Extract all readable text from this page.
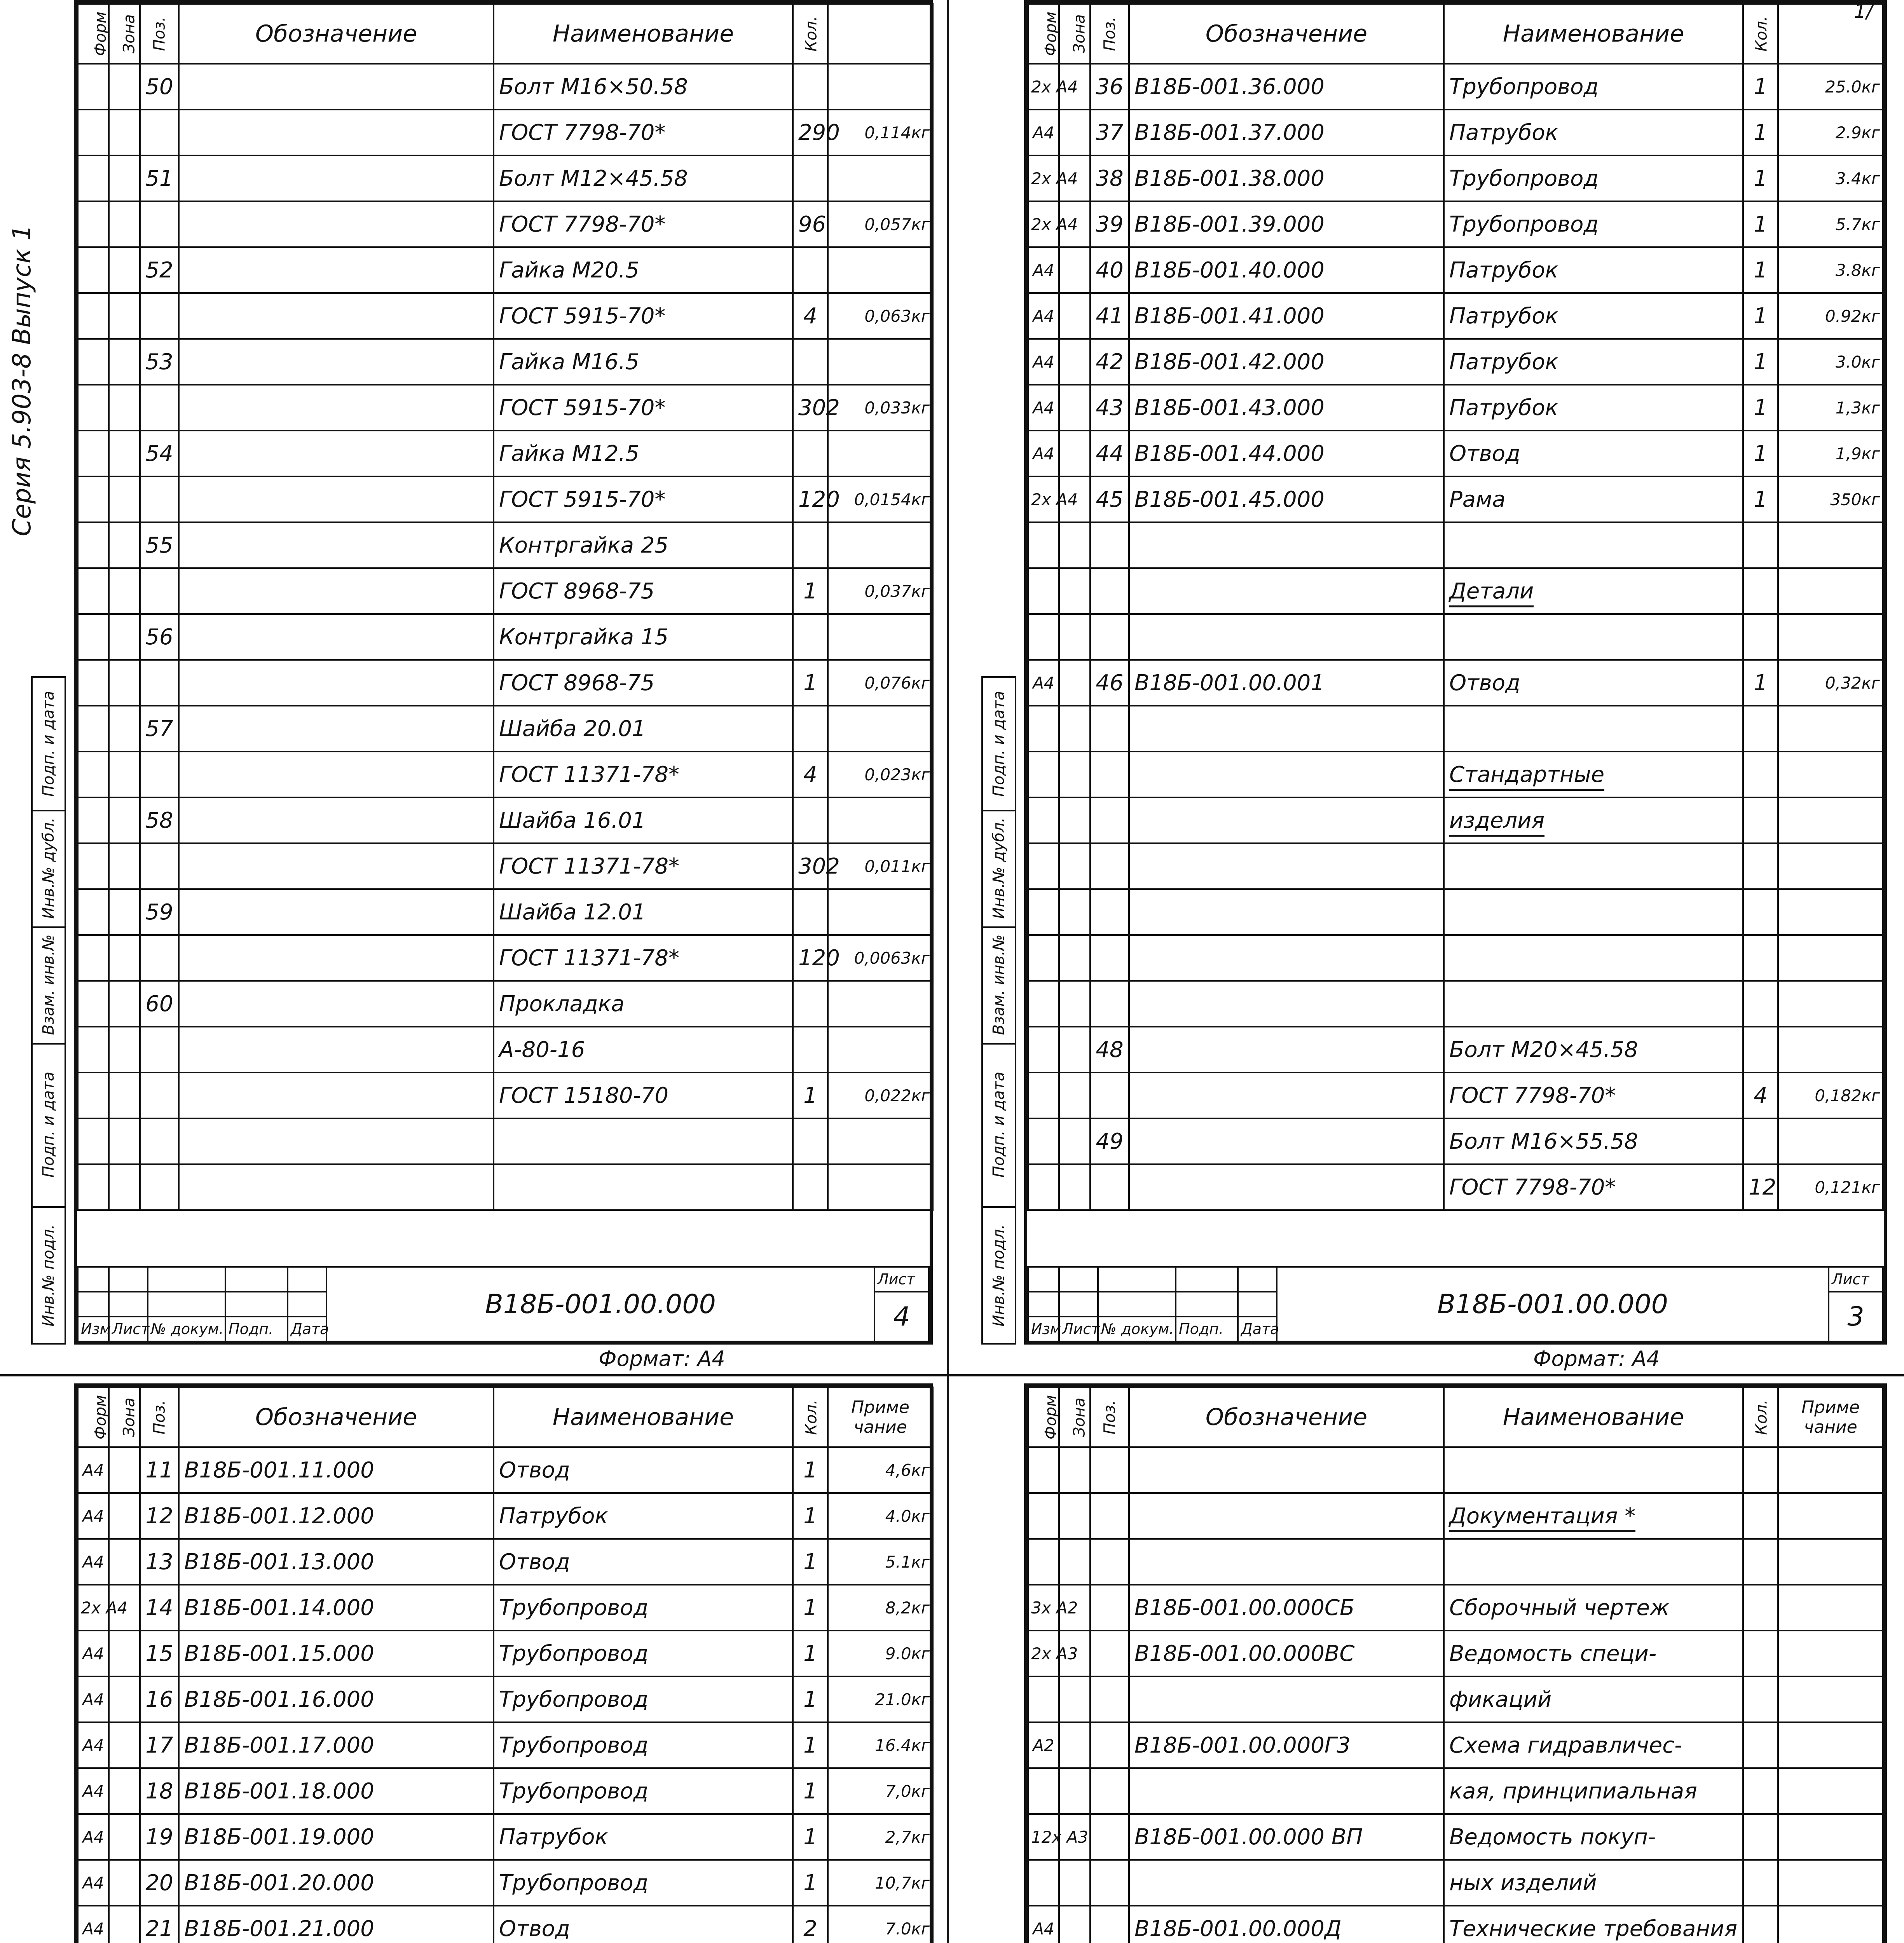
1/
Серия 5.903-8 Выпуск 1
Подп. и дата
Инв.№ дубл.
Взам. инв.№
Подп. и дата
Инв.№ подл.
Форм	Зона	Поз.	Обозначение	Наименование	Кол.	
		50		Болт М16×50.58		
				ГОСТ 7798-70*	290	0,114кг
		51		Болт М12×45.58		
				ГОСТ 7798-70*	96	0,057кг
		52		Гайка М20.5		
				ГОСТ 5915-70*	4	0,063кг
		53		Гайка М16.5		
				ГОСТ 5915-70*	302	0,033кг
		54		Гайка М12.5		
				ГОСТ 5915-70*	120	0,0154кг
		55		Контргайка 25		
				ГОСТ 8968-75	1	0,037кг
		56		Контргайка 15		
				ГОСТ 8968-75	1	0,076кг
		57		Шайба 20.01		
				ГОСТ 11371-78*	4	0,023кг
		58		Шайба 16.01		
				ГОСТ 11371-78*	302	0,011кг
		59		Шайба 12.01		
				ГОСТ 11371-78*	120	0,0063кг
		60		Прокладка		
				А-80-16		
				ГОСТ 15180-70	1	0,022кг

					В18Б-001.00.000	Лист
						4
Изм	Лист	№ докум.	Подп.	Дата		
Формат: А4
Подп. и дата
Инв.№ дубл.
Взам. инв.№
Подп. и дата
Инв.№ подл.
Форм	Зона	Поз.	Обозначение	Наименование	Кол.	
2x А4		36	В18Б-001.36.000	Трубопровод	1	25.0кг
А4		37	В18Б-001.37.000	Патрубок	1	2.9кг
2x А4		38	В18Б-001.38.000	Трубопровод	1	3.4кг
2x А4		39	В18Б-001.39.000	Трубопровод	1	5.7кг
А4		40	В18Б-001.40.000	Патрубок	1	3.8кг
А4		41	В18Б-001.41.000	Патрубок	1	0.92кг
А4		42	В18Б-001.42.000	Патрубок	1	3.0кг
А4		43	В18Б-001.43.000	Патрубок	1	1,3кг
А4		44	В18Б-001.44.000	Отвод	1	1,9кг
2x А4		45	В18Б-001.45.000	Рама	1	350кг

				Детали		

А4		46	В18Б-001.00.001	Отвод	1	0,32кг

				Стандартные		
				изделия		

		48		Болт М20×45.58		
				ГОСТ 7798-70*	4	0,182кг
		49		Болт М16×55.58		
				ГОСТ 7798-70*	12	0,121кг
					В18Б-001.00.000	Лист
						3
Изм	Лист	№ докум.	Подп.	Дата		
Формат: А4
Форм	Зона	Поз.	Обозначение	Наименование	Кол.	Приме чание
А4		11	В18Б-001.11.000	Отвод	1	4,6кг
А4		12	В18Б-001.12.000	Патрубок	1	4.0кг
А4		13	В18Б-001.13.000	Отвод	1	5.1кг
2x А4		14	В18Б-001.14.000	Трубопровод	1	8,2кг
А4		15	В18Б-001.15.000	Трубопровод	1	9.0кг
А4		16	В18Б-001.16.000	Трубопровод	1	21.0кг
А4		17	В18Б-001.17.000	Трубопровод	1	16.4кг
А4		18	В18Б-001.18.000	Трубопровод	1	7,0кг
А4		19	В18Б-001.19.000	Патрубок	1	2,7кг
А4		20	В18Б-001.20.000	Трубопровод	1	10,7кг
А4		21	В18Б-001.21.000	Отвод	2	7.0кг

Форм	Зона	Поз.	Обозначение	Наименование	Кол.	Приме чание

				Документация *		

3x А2			В18Б-001.00.000СБ	Сборочный чертеж		
2x А3			В18Б-001.00.000ВС	Ведомость специ-		
				фикаций		
А2			В18Б-001.00.000Г3	Схема гидравличес-		
				кая, принципиальная		
12x А3			В18Б-001.00.000 ВП	Ведомость покуп-		
				ных изделий		
А4			В18Б-001.00.000Д	Технические требования		
